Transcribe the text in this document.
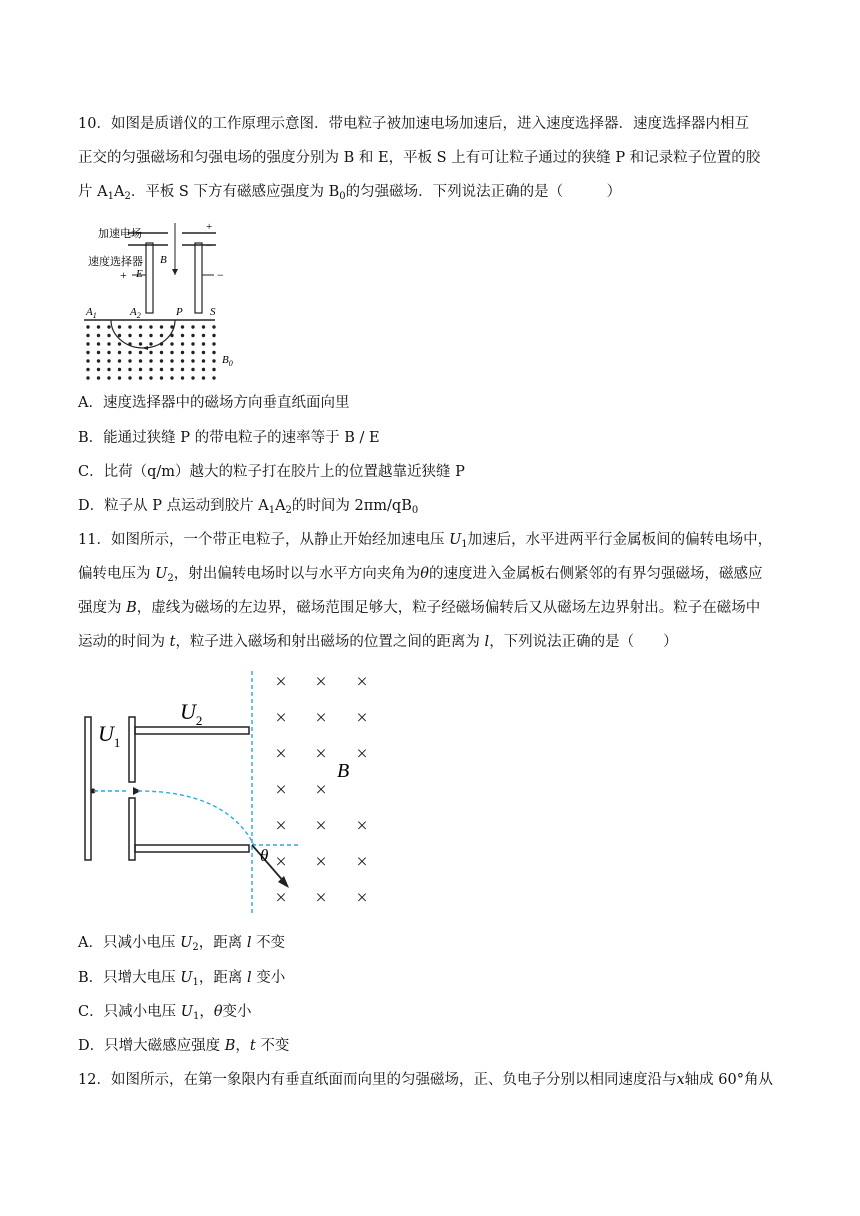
10．如图是质谱仪的工作原理示意图．带电粒子被加速电场加速后，进入速度选择器．速度选择器内相互
正交的匀强磁场和匀强电场的强度分别为 B 和 E，平板 S 上有可让粒子通过的狭缝 P 和记录粒子位置的胶
片 $A_1A_2$．平板 S 下方有磁感应强度为 $B_0$的匀强磁场．下列说法正确的是（　　　）
加速电场
+
−
B
速度选择器
+	−
E
$A_1$	$A_2$	P S
$B_0$
A．速度选择器中的磁场方向垂直纸面向里
B．能通过狭缝 P 的带电粒子的速率等于 B / E
C．比荷（q/m）越大的粒子打在胶片上的位置越靠近狭缝 P
D．粒子从 P 点运动到胶片 $A_1A_2$的时间为 $2\pi m/qB_0$
11．如图所示，一个带正电粒子，从静止开始经加速电压 $U_1$加速后，水平进两平行金属板间的偏转电场中，
偏转电压为 $U_2$，射出偏转电场时以与水平方向夹角为θ的速度进入金属板右侧紧邻的有界匀强磁场，磁感应
强度为 B，虚线为磁场的左边界，磁场范围足够大，粒子经磁场偏转后又从磁场左边界射出。粒子在磁场中
运动的时间为 t，粒子进入磁场和射出磁场的位置之间的距离为 l，下列说法正确的是（　　）
$U_1$
$U_2$
θ
B
× × ×
× × ×
× × ×
× ×
× × ×
× × ×
× × ×
A．只减小电压 $U_2$，距离 l 不变
B．只增大电压 $U_1$，距离 l 变小
C．只减小电压 $U_1$，θ变小
D．只增大磁感应强度 B，t 不变
12．如图所示，在第一象限内有垂直纸面而向里的匀强磁场，正、负电子分别以相同速度沿与x轴成 60°角从
